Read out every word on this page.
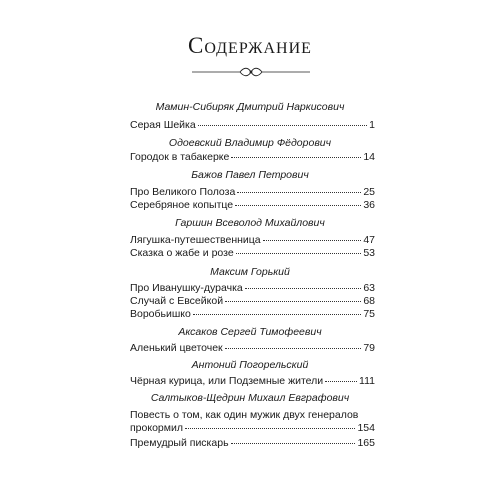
Содержание
Мамин-Сибиряк Дмитрий Наркисович
Серая Шейка	1
Одоевский Владимир Фёдорович
Городок в табакерке	14
Бажов Павел Петрович
Про Великого Полоза	25
Серебряное копытце	36
Гаршин Всеволод Михайлович
Лягушка-путешественница	47
Сказка о жабе и розе	53
Максим Горький
Про Иванушку-дурачка	63
Случай с Евсейкой	68
Воробьишко	75
Аксаков Сергей Тимофеевич
Аленький цветочек	79
Антоний Погорельский
Чёрная курица, или Подземные жители	111
Салтыков-Щедрин Михаил Евграфович
Повесть о том, как один мужик двух генералов
прокормил	154
Премудрый пискарь	165
